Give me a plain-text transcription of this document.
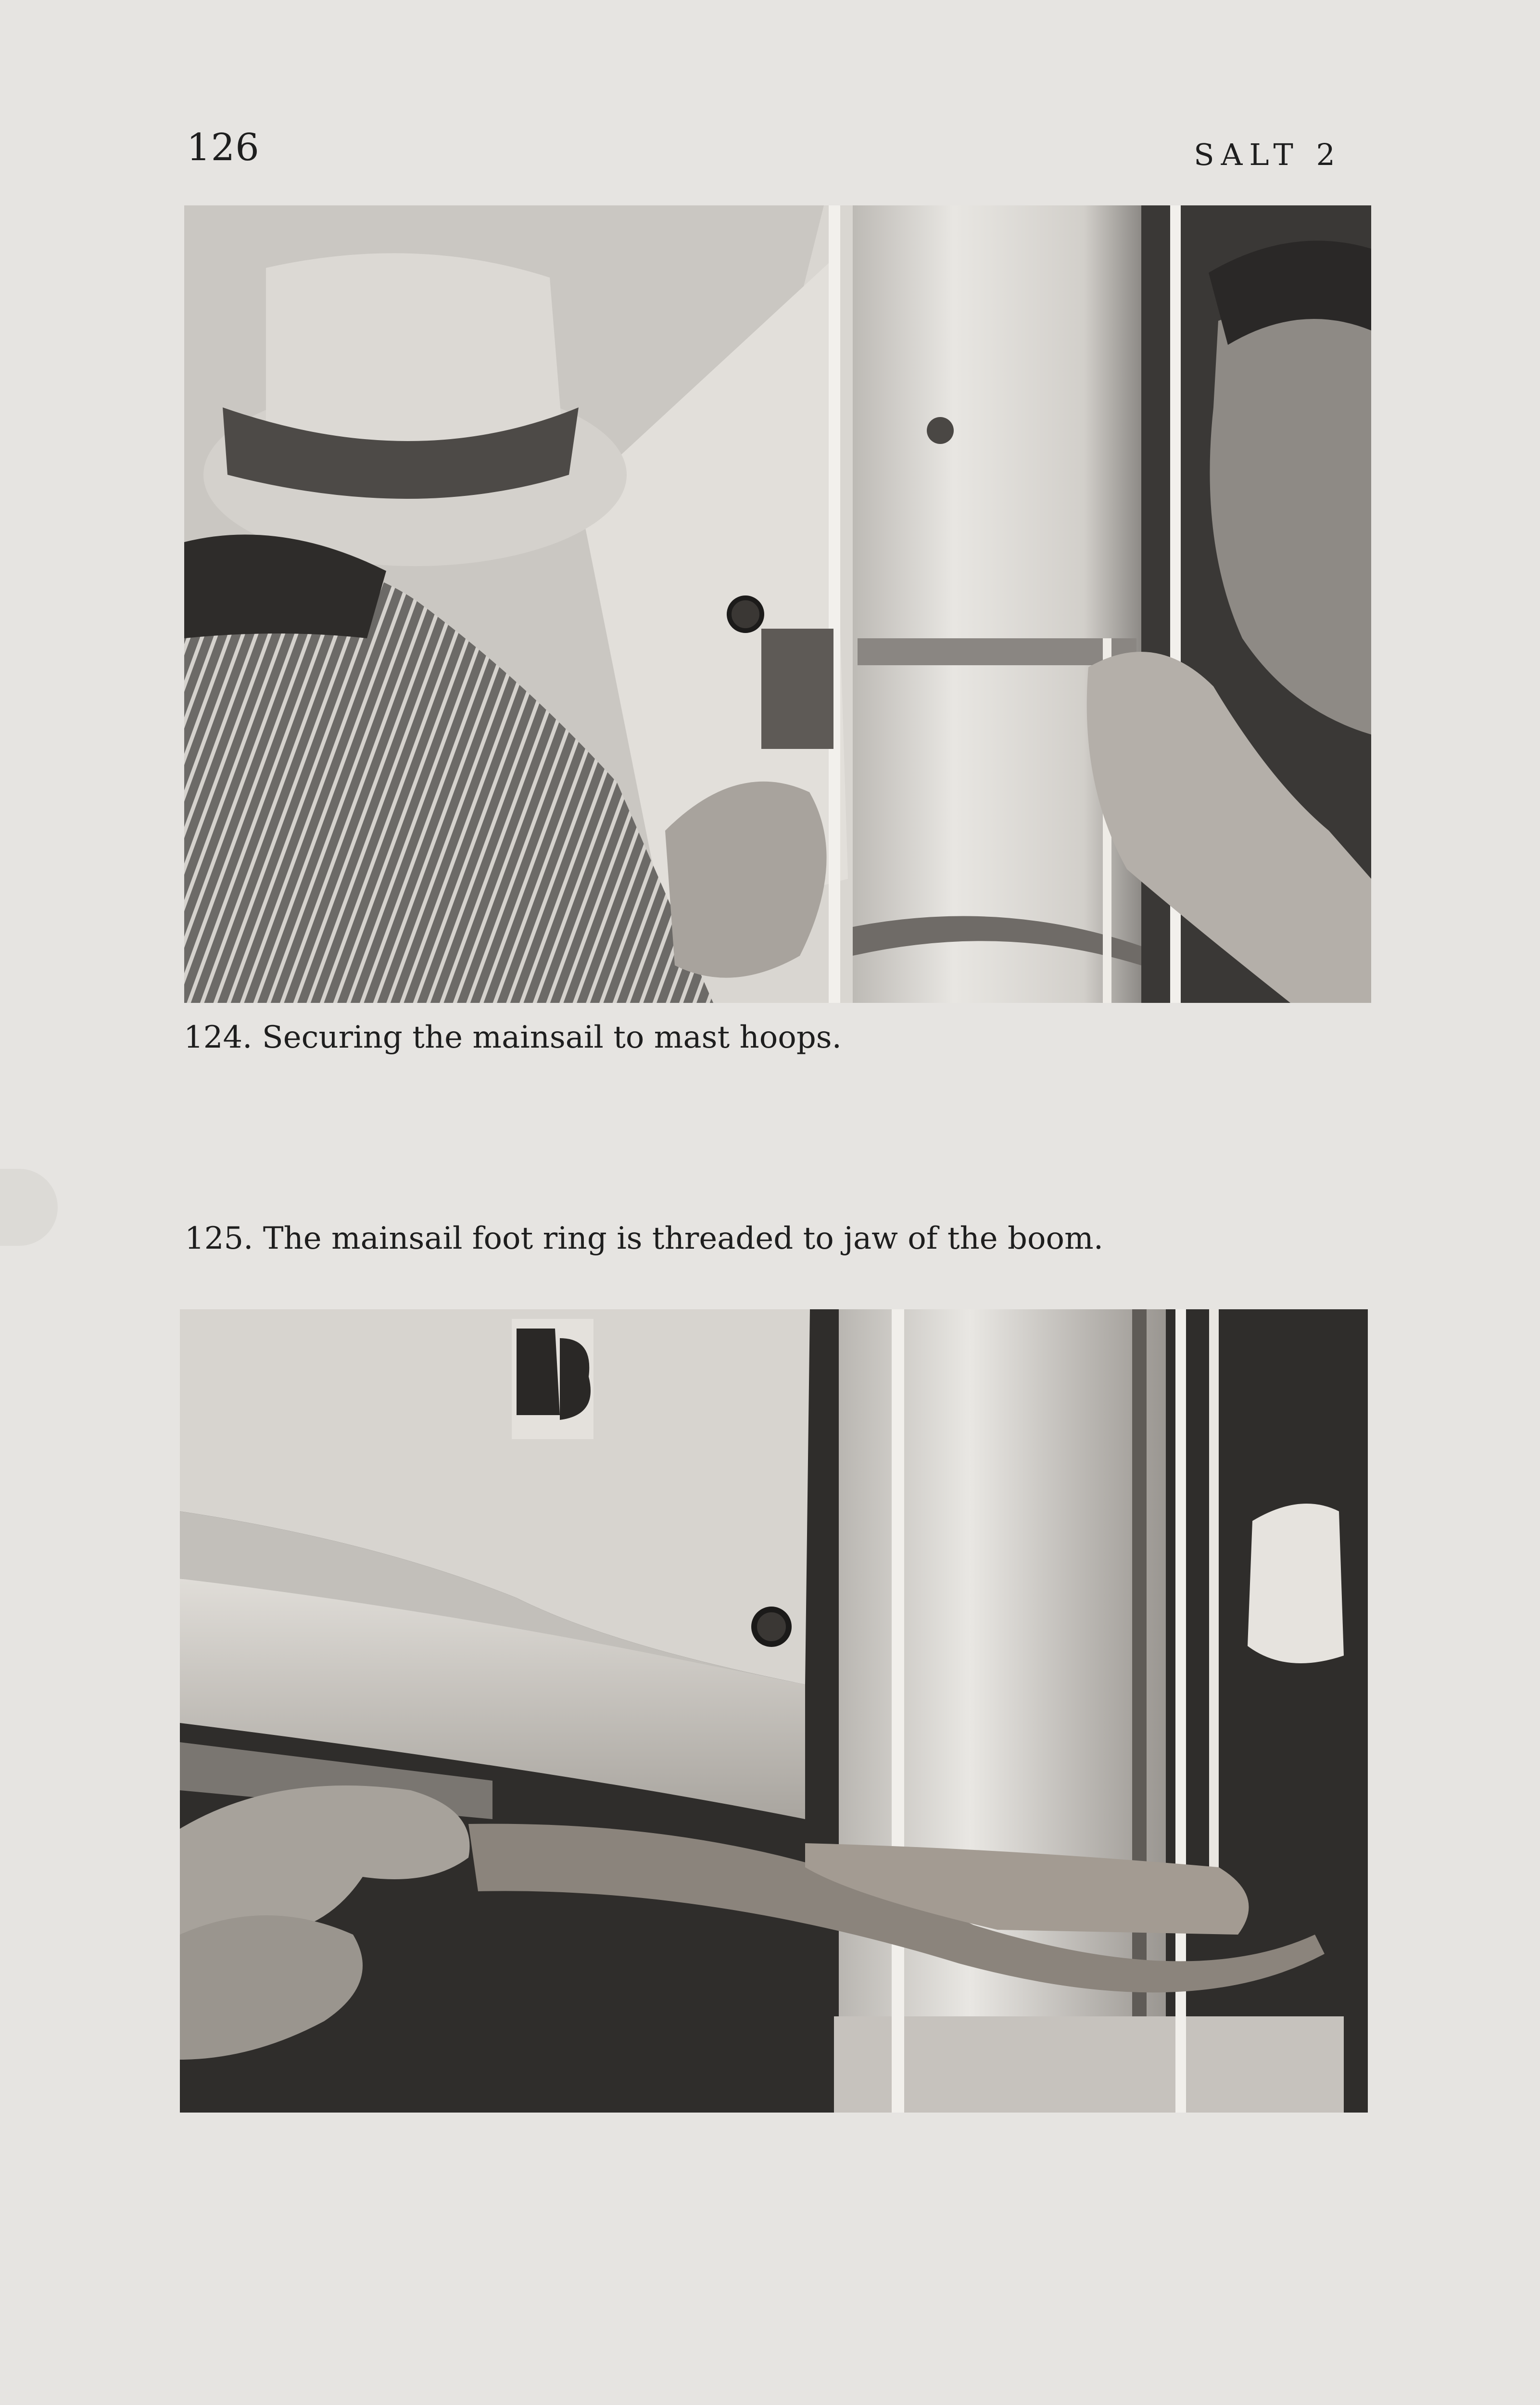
126	SALT 2
124. Securing the mainsail to mast hoops.
125. The mainsail foot ring is threaded to jaw of the boom.
